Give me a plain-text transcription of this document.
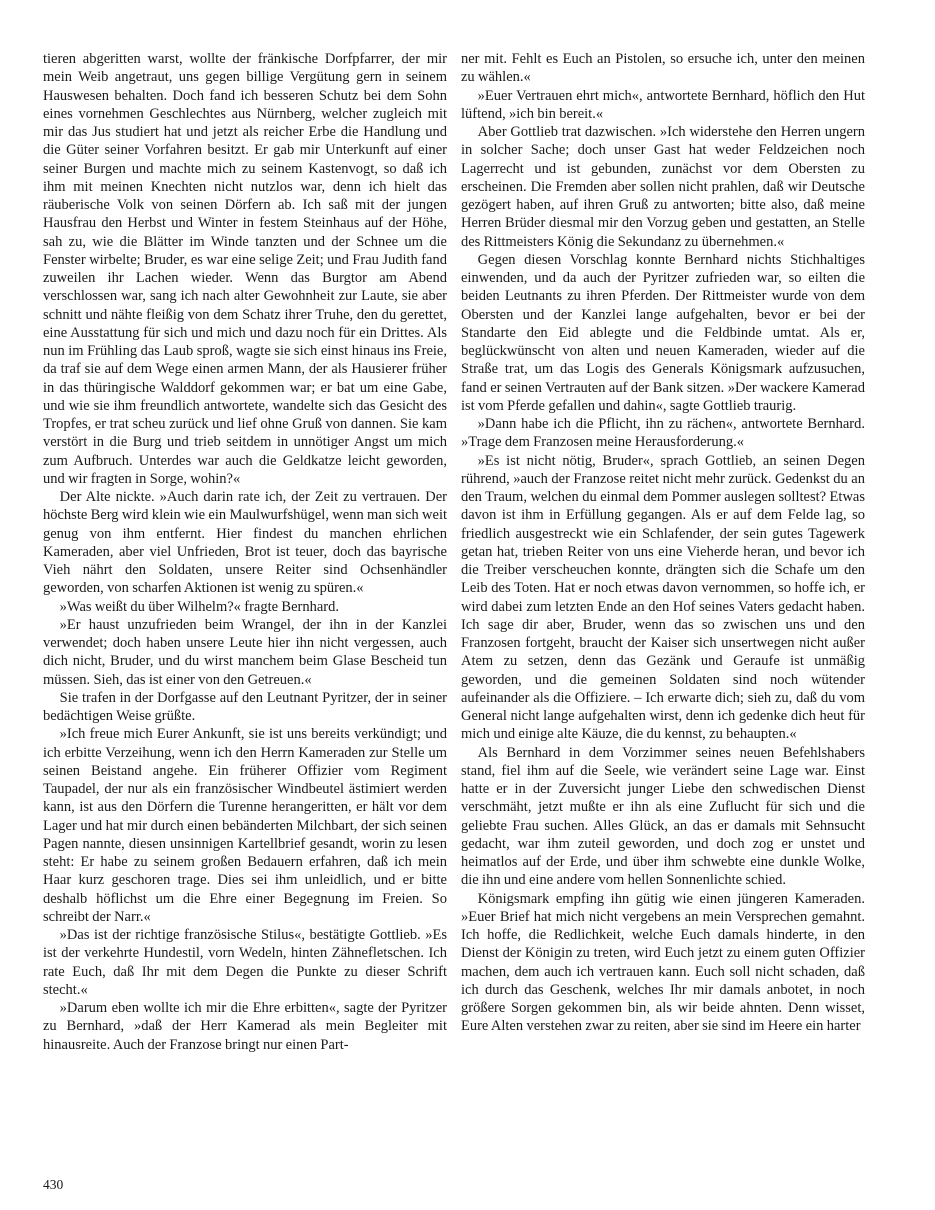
tieren abgeritten warst, wollte der fränkische Dorfpfarrer, der mir mein Weib angetraut, uns gegen billige Vergütung gern in seinem Hauswesen behalten. Doch fand ich besseren Schutz bei dem Sohn eines vornehmen Geschlechtes aus Nürnberg, welcher zugleich mit mir das Jus studiert hat und jetzt als reicher Erbe die Handlung und die Güter seiner Vorfahren besitzt. Er gab mir Unterkunft auf einer seiner Burgen und machte mich zu seinem Kastenvogt, so daß ich ihm mit meinen Knechten nicht nutzlos war, denn ich hielt das räuberische Volk von seinen Dörfern ab. Ich saß mit der jungen Hausfrau den Herbst und Winter in festem Steinhaus auf der Höhe, sah zu, wie die Blätter im Winde tanzten und der Schnee um die Fenster wirbelte; Bruder, es war eine selige Zeit; und Frau Judith fand zuweilen ihr Lachen wieder. Wenn das Burgtor am Abend verschlossen war, sang ich nach alter Gewohnheit zur Laute, sie aber schnitt und nähte fleißig von dem Schatz ihrer Truhe, den du gerettet, eine Ausstattung für sich und mich und dazu noch für ein Drittes. Als nun im Frühling das Laub sproß, wagte sie sich einst hinaus ins Freie, da traf sie auf dem Wege einen armen Mann, der als Hausierer früher in das thüringische Walddorf gekommen war; er bat um eine Gabe, und wie sie ihm freundlich antwortete, wandelte sich das Gesicht des Tropfes, er trat scheu zurück und lief ohne Gruß von dannen. Sie kam verstört in die Burg und trieb seitdem in unnötiger Angst um mich zum Aufbruch. Unterdes war auch die Geldkatze leicht geworden, und wir fragten in Sorge, wohin?«

Der Alte nickte. »Auch darin rate ich, der Zeit zu vertrauen. Der höchste Berg wird klein wie ein Maulwurfshügel, wenn man sich weit genug von ihm entfernt. Hier findest du manchen ehrlichen Kameraden, aber viel Unfrieden, Brot ist teuer, doch das bayrische Vieh nährt den Soldaten, unsere Reiter sind Ochsenhändler geworden, von scharfen Aktionen ist wenig zu spüren.«

»Was weißt du über Wilhelm?« fragte Bernhard.

»Er haust unzufrieden beim Wrangel, der ihn in der Kanzlei verwendet; doch haben unsere Leute hier ihn nicht vergessen, auch dich nicht, Bruder, und du wirst manchem beim Glase Bescheid tun müssen. Sieh, das ist einer von den Getreuen.«

Sie trafen in der Dorfgasse auf den Leutnant Pyritzer, der in seiner bedächtigen Weise grüßte.

»Ich freue mich Eurer Ankunft, sie ist uns bereits verkündigt; und ich erbitte Verzeihung, wenn ich den Herrn Kameraden zur Stelle um seinen Beistand angehe. Ein früherer Offizier vom Regiment Taupadel, der nur als ein französischer Windbeutel ästimiert werden kann, ist aus den Dörfern die Turenne herangeritten, er hält vor dem Lager und hat mir durch einen bebänderten Milchbart, der sich seinen Pagen nannte, diesen unsinnigen Kartellbrief gesandt, worin zu lesen steht: Er habe zu seinem großen Bedauern erfahren, daß ich mein Haar kurz geschoren trage. Dies sei ihm unleidlich, und er bitte deshalb höflichst um die Ehre einer Begegnung im Freien. So schreibt der Narr.«

»Das ist der richtige französische Stilus«, bestätigte Gottlieb. »Es ist der verkehrte Hundestil, vorn Wedeln, hinten Zähnefletschen. Ich rate Euch, daß Ihr mit dem Degen die Punkte zu dieser Schrift stecht.«

»Darum eben wollte ich mir die Ehre erbitten«, sagte der Pyritzer zu Bernhard, »daß der Herr Kamerad als mein Begleiter mit hinausreite. Auch der Franzose bringt nur einen Part-

ner mit. Fehlt es Euch an Pistolen, so ersuche ich, unter den meinen zu wählen.«

»Euer Vertrauen ehrt mich«, antwortete Bernhard, höflich den Hut lüftend, »ich bin bereit.«

Aber Gottlieb trat dazwischen. »Ich widerstehe den Herren ungern in solcher Sache; doch unser Gast hat weder Feldzeichen noch Lagerrecht und ist gebunden, zunächst vor dem Obersten zu erscheinen. Die Fremden aber sollen nicht prahlen, daß wir Deutsche gezögert haben, auf ihren Gruß zu antworten; bitte also, daß meine Herren Brüder diesmal mir den Vorzug geben und gestatten, an Stelle des Rittmeisters König die Sekundanz zu übernehmen.«

Gegen diesen Vorschlag konnte Bernhard nichts Stichhaltiges einwenden, und da auch der Pyritzer zufrieden war, so eilten die beiden Leutnants zu ihren Pferden. Der Rittmeister wurde von dem Obersten und der Kanzlei lange aufgehalten, bevor er bei der Standarte den Eid ablegte und die Feldbinde umtat. Als er, beglückwünscht von alten und neuen Kameraden, wieder auf die Straße trat, um das Logis des Generals Königsmark aufzusuchen, fand er seinen Vertrauten auf der Bank sitzen. »Der wackere Kamerad ist vom Pferde gefallen und dahin«, sagte Gottlieb traurig.

»Dann habe ich die Pflicht, ihn zu rächen«, antwortete Bernhard. »Trage dem Franzosen meine Herausforderung.«

»Es ist nicht nötig, Bruder«, sprach Gottlieb, an seinen Degen rührend, »auch der Franzose reitet nicht mehr zurück. Gedenkst du an den Traum, welchen du einmal dem Pommer auslegen solltest? Etwas davon ist ihm in Erfüllung gegangen. Als er auf dem Felde lag, so friedlich ausgestreckt wie ein Schlafender, der sein gutes Tagewerk getan hat, trieben Reiter von uns eine Vieherde heran, und bevor ich die Treiber verscheuchen konnte, drängten sich die Schafe um den Leib des Toten. Hat er noch etwas davon vernommen, so hoffe ich, er wird dabei zum letzten Ende an den Hof seines Vaters gedacht haben. Ich sage dir aber, Bruder, wenn das so zwischen uns und den Franzosen fortgeht, braucht der Kaiser sich unsertwegen nicht außer Atem zu setzen, denn das Gezänk und Geraufe ist unmäßig geworden, und die gemeinen Soldaten sind noch wütender aufeinander als die Offiziere. – Ich erwarte dich; sieh zu, daß du vom General nicht lange aufgehalten wirst, denn ich gedenke dich heut für mich und einige alte Käuze, die du kennst, zu behaupten.«

Als Bernhard in dem Vorzimmer seines neuen Befehlshabers stand, fiel ihm auf die Seele, wie verändert seine Lage war. Einst hatte er in der Zuversicht junger Liebe den schwedischen Dienst verschmäht, jetzt mußte er ihn als eine Zuflucht für sich und die geliebte Frau suchen. Alles Glück, an das er damals mit Sehnsucht gedacht, war ihm zuteil geworden, und doch zog er unstet und heimatlos auf der Erde, und über ihm schwebte eine dunkle Wolke, die ihn und eine andere vom hellen Sonnenlichte schied.

Königsmark empfing ihn gütig wie einen jüngeren Kameraden. »Euer Brief hat mich nicht vergebens an mein Versprechen gemahnt. Ich hoffe, die Redlichkeit, welche Euch damals hinderte, in den Dienst der Königin zu treten, wird Euch jetzt zu einem guten Offizier machen, dem auch ich vertrauen kann. Euch soll nicht schaden, daß ich durch das Geschenk, welches Ihr mir damals anbotet, in noch größere Sorgen gekommen bin, als wir beide ahnten. Denn wisset, Eure Alten verstehen zwar zu reiten, aber sie sind im Heere ein harter

430
